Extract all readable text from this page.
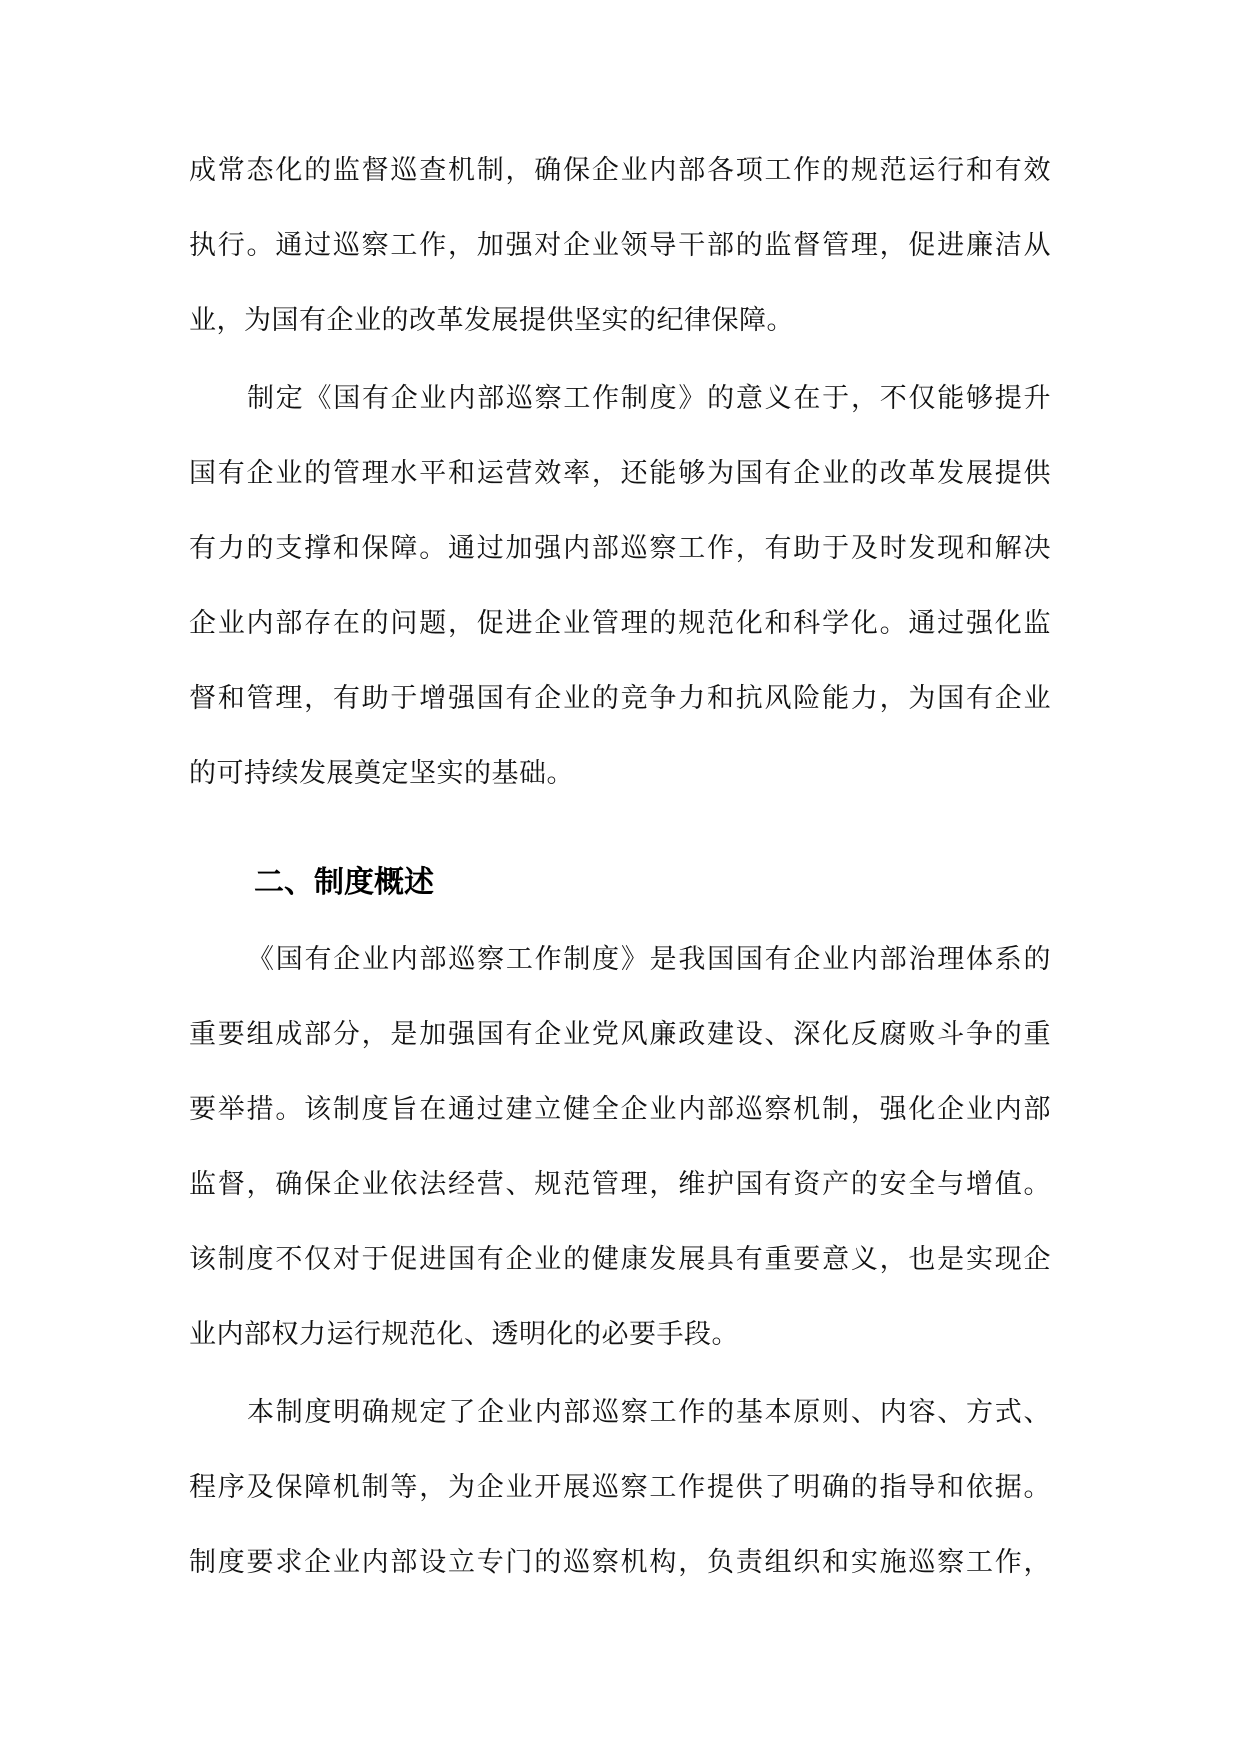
成常态化的监督巡查机制，确保企业内部各项工作的规范运行和有效
执行。通过巡察工作，加强对企业领导干部的监督管理，促进廉洁从
业，为国有企业的改革发展提供坚实的纪律保障。
制定《国有企业内部巡察工作制度》的意义在于，不仅能够提升
国有企业的管理水平和运营效率，还能够为国有企业的改革发展提供
有力的支撑和保障。通过加强内部巡察工作，有助于及时发现和解决
企业内部存在的问题，促进企业管理的规范化和科学化。通过强化监
督和管理，有助于增强国有企业的竞争力和抗风险能力，为国有企业
的可持续发展奠定坚实的基础。
二、制度概述
《国有企业内部巡察工作制度》是我国国有企业内部治理体系的
重要组成部分，是加强国有企业党风廉政建设、深化反腐败斗争的重
要举措。该制度旨在通过建立健全企业内部巡察机制，强化企业内部
监督，确保企业依法经营、规范管理，维护国有资产的安全与增值。
该制度不仅对于促进国有企业的健康发展具有重要意义，也是实现企
业内部权力运行规范化、透明化的必要手段。
本制度明确规定了企业内部巡察工作的基本原则、内容、方式、
程序及保障机制等，为企业开展巡察工作提供了明确的指导和依据。
制度要求企业内部设立专门的巡察机构，负责组织和实施巡察工作，
